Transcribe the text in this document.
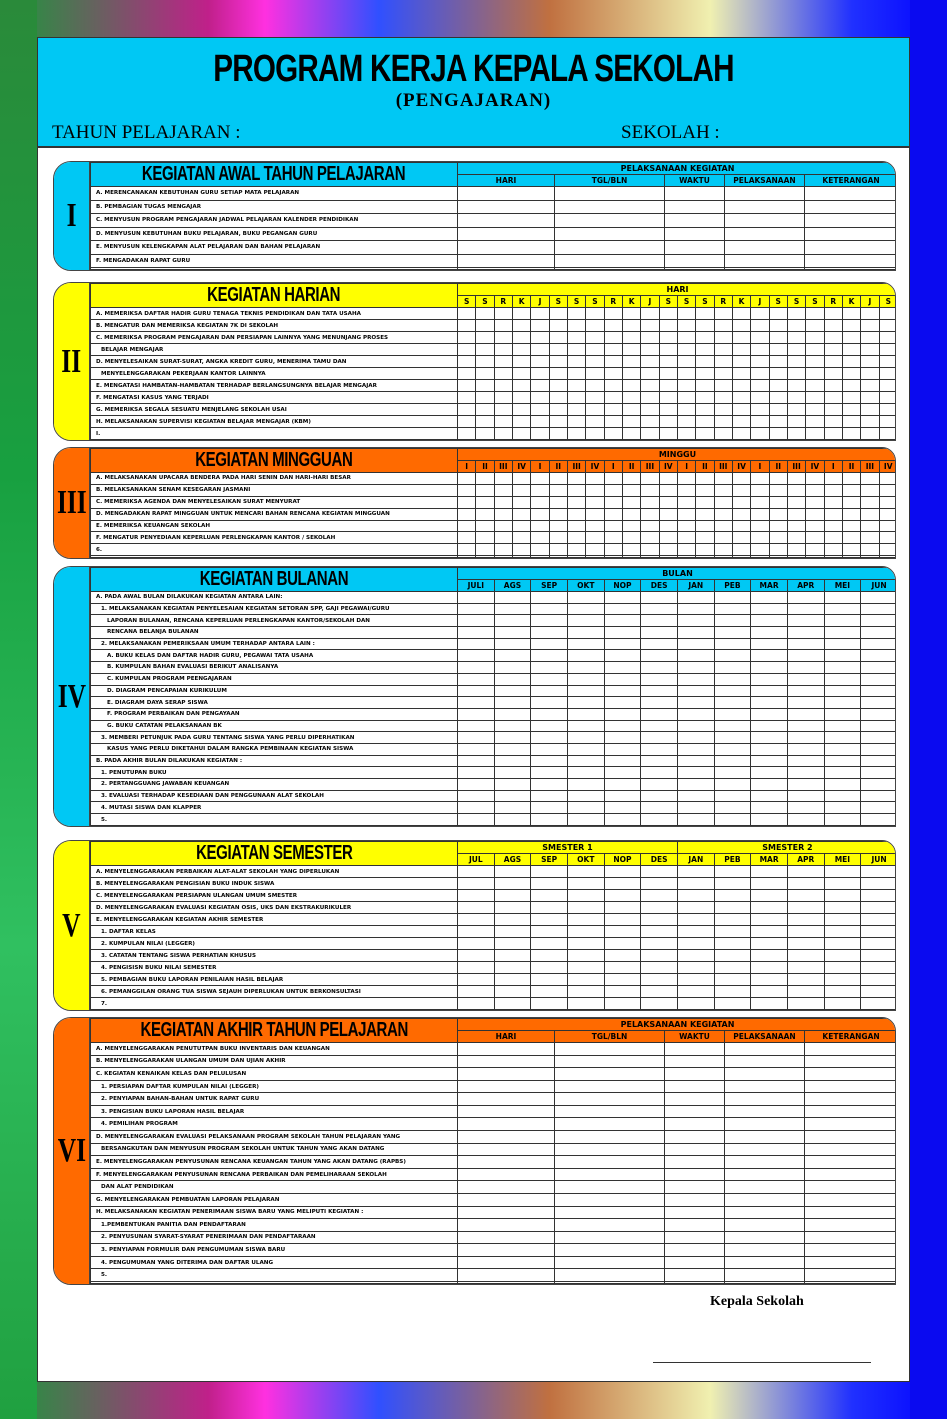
PROGRAM KERJA KEPALA SEKOLAH
(PENGAJARAN)
TAHUN PELAJARAN :	SEKOLAH :
I
KEGIATAN AWAL TAHUN PELAJARAN	PELAKSANAAN KEGIATAN				
	HARI	TGL/BLN	WAKTU	PELAKSANAAN	KETERANGAN
A. MERENCANAKAN KEBUTUHAN GURU SETIAP MATA PELAJARAN					
B. PEMBAGIAN TUGAS MENGAJAR					
C. MENYUSUN PROGRAM PENGAJARAN JADWAL PELAJARAN KALENDER PENDIDIKAN					
D. MENYUSUN KEBUTUHAN BUKU PELAJARAN, BUKU PEGANGAN GURU					
E. MENYUSUN KELENGKAPAN ALAT PELAJARAN DAN BAHAN PELAJARAN					
F. MENGADAKAN RAPAT GURU					

II
KEGIATAN HARIAN	HARI																							
	S	S	R	K	J	S	S	S	R	K	J	S	S	S	R	K	J	S	S	S	R	K	J	S
A. MEMERIKSA DAFTAR HADIR GURU TENAGA TEKNIS PENDIDIKAN DAN TATA USAHA																								
B. MENGATUR DAN MEMERIKSA KEGIATAN 7K DI SEKOLAH																								
C. MEMERIKSA PROGRAM PENGAJARAN DAN PERSIAPAN LAINNYA YANG MENUNJANG PROSES																								
BELAJAR MENGAJAR																								
D. MENYELESAIKAN SURAT-SURAT, ANGKA KREDIT GURU, MENERIMA TAMU DAN																								
MENYELENGGARAKAN PEKERJAAN KANTOR LAINNYA																								
E. MENGATASI HAMBATAN-HAMBATAN TERHADAP BERLANGSUNGNYA BELAJAR MENGAJAR																								
F. MENGATASI KASUS YANG TERJADI																								
G. MEMERIKSA SEGALA SESUATU MENJELANG SEKOLAH USAI																								
H. MELAKSANAKAN SUPERVISI KEGIATAN BELAJAR MENGAJAR (KBM)																								
I.																								
III
KEGIATAN MINGGUAN	MINGGU																							
	I	II	III	IV	I	II	III	IV	I	II	III	IV	I	II	III	IV	I	II	III	IV	I	II	III	IV
A. MELAKSANAKAN UPACARA BENDERA PADA HARI SENIN DAN HARI-HARI BESAR																								
B. MELAKSANAKAN SENAM KESEGARAN JASMANI																								
C. MEMERIKSA AGENDA DAN MENYELESAIKAN SURAT MENYURAT																								
D. MENGADAKAN RAPAT MINGGUAN UNTUK MENCARI BAHAN RENCANA KEGIATAN MINGGUAN																								
E. MEMERIKSA KEUANGAN SEKOLAH																								
F. MENGATUR PENYEDIAAN KEPERLUAN PERLENGKAPAN KANTOR / SEKOLAH																								
6.																								

IV
KEGIATAN BULANAN	BULAN											
	JULI	AGS	SEP	OKT	NOP	DES	JAN	PEB	MAR	APR	MEI	JUN
A. PADA AWAL BULAN DILAKUKAN KEGIATAN ANTARA LAIN:												
1. MELAKSANAKAN KEGIATAN PENYELESAIAN KEGIATAN SETORAN SPP, GAJI PEGAWAI/GURU												
LAPORAN BULANAN, RENCANA KEPERLUAN PERLENGKAPAN KANTOR/SEKOLAH DAN												
RENCANA BELANJA BULANAN												
2. MELAKSANAKAN PEMERIKSAAN UMUM TERHADAP ANTARA LAIN :												
A. BUKU KELAS DAN DAFTAR HADIR GURU, PEGAWAI TATA USAHA												
B. KUMPULAN BAHAN EVALUASI BERIKUT ANALISANYA												
C. KUMPULAN PROGRAM PEENGAJARAN												
D. DIAGRAM PENCAPAIAN KURIKULUM												
E. DIAGRAM DAYA SERAP SISWA												
F. PROGRAM PERBAIKAN DAN PENGAYAAN												
G. BUKU CATATAN PELAKSANAAN BK												
3. MEMBERI PETUNJUK PADA GURU TENTANG SISWA YANG PERLU DIPERHATIKAN												
KASUS YANG PERLU DIKETAHUI DALAM RANGKA PEMBINAAN KEGIATAN SISWA												
B. PADA AKHIR BULAN DILAKUKAN KEGIATAN :												
1. PENUTUPAN BUKU												
2. PERTANGGUANG JAWABAN KEUANGAN												
3. EVALUASI TERHADAP KESEDIAAN DAN PENGGUNAAN ALAT SEKOLAH												
4. MUTASI SISWA DAN KLAPPER												
5.												
V
KEGIATAN SEMESTER	SMESTER 1						SMESTER 2					
	JUL	AGS	SEP	OKT	NOP	DES	JAN	PEB	MAR	APR	MEI	JUN
A. MENYELENGGARAKAN PERBAIKAN ALAT-ALAT SEKOLAH YANG DIPERLUKAN												
B. MENYELENGGARAKAN PENGISIAN BUKU INDUK SISWA												
C. MENYELENGGARAKAN PERSIAPAN ULANGAN UMUM SMESTER												
D. MENYELENGGARAKAN EVALUASI KEGIATAN OSIS, UKS DAN EKSTRAKURIKULER												
E. MENYELENGGARAKAN KEGIATAN AKHIR SEMESTER												
1. DAFTAR KELAS												
2. KUMPULAN NILAI (LEGGER)												
3. CATATAN TENTANG SISWA PERHATIAN KHUSUS												
4. PENGISISN BUKU NILAI SEMESTER												
5. PEMBAGIAN BUKU LAPORAN PENILAIAN HASIL BELAJAR												
6. PEMANGGILAN ORANG TUA SISWA SEJAUH DIPERLUKAN UNTUK BERKONSULTASI												
7.												
VI
KEGIATAN AKHIR TAHUN PELAJARAN	PELAKSANAAN KEGIATAN				
	HARI	TGL/BLN	WAKTU	PELAKSANAAN	KETERANGAN
A. MENYELENGGARAKAN PENUTUTPAN BUKU INVENTARIS DAN KEUANGAN					
B. MENYELENGGARAKAN ULANGAN UMUM DAN UJIAN AKHIR					
C. KEGIATAN KENAIKAN KELAS DAN PELULUSAN					
1. PERSIAPAN DAFTAR KUMPULAN NILAI (LEGGER)					
2. PENYIAPAN BAHAN-BAHAN UNTUK RAPAT GURU					
3. PENGISIAN BUKU LAPORAN HASIL BELAJAR					
4. PEMILIHAN PROGRAM					
D. MENYELENGGARAKAN EVALUASI PELAKSANAAN PROGRAM SEKOLAH TAHUN PELAJARAN YANG					
BERSANGKUTAN DAN MENYUSUN PROGRAM SEKOLAH UNTUK TAHUN YANG AKAN DATANG					
E. MENYELENGGARAKAN PENYUSUNAN RENCANA KEUANGAN TAHUN YANG AKAN DATANG (RAPBS)					
F. MENYELENGGARAKAN PENYUSUNAN RENCANA PERBAIKAN DAN PEMELIHARAAN SEKOLAH					
DAN ALAT PENDIDIKAN					
G. MENYELENGARAKAN PEMBUATAN LAPORAN PELAJARAN					
H. MELAKSANAKAN KEGIATAN PENERIMAAN SISWA BARU YANG MELIPUTI KEGIATAN :					
1.PEMBENTUKAN PANITIA DAN PENDAFTARAN					
2. PENYUSUNAN SYARAT-SYARAT PENERIMAAN DAN PENDAFTARAAN					
3. PENYIAPAN FORMULIR DAN PENGUMUMAN SISWA BARU					
4. PENGUMUMAN YANG DITERIMA DAN DAFTAR ULANG					
5.					

Kepala Sekolah
